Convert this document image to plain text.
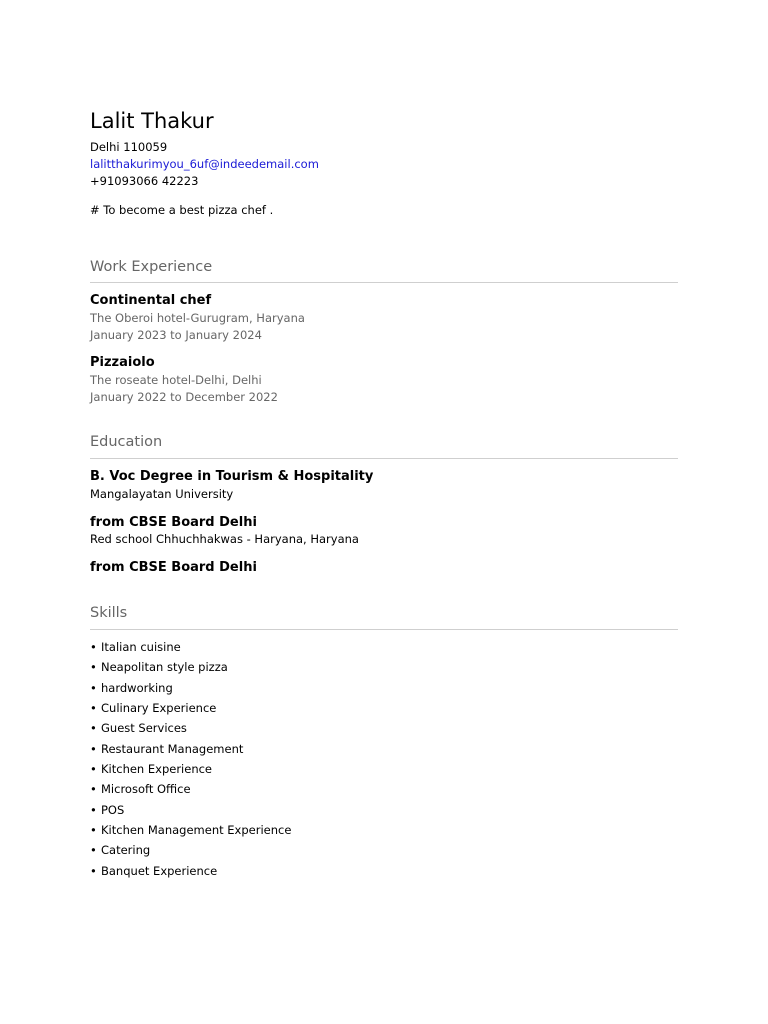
Lalit Thakur
Delhi 110059
lalitthakurimyou_6uf@indeedemail.com
+91093066 42223
# To become a best pizza chef .
Work Experience
Continental chef
The Oberoi hotel-Gurugram, Haryana
January 2023 to January 2024
Pizzaiolo
The roseate hotel-Delhi, Delhi
January 2022 to December 2022
Education
B. Voc Degree in Tourism & Hospitality
Mangalayatan University
from CBSE Board Delhi
Red school Chhuchhakwas - Haryana, Haryana
from CBSE Board Delhi
Skills
• Italian cuisine
• Neapolitan style pizza
• hardworking
• Culinary Experience
• Guest Services
• Restaurant Management
• Kitchen Experience
• Microsoft Office
• POS
• Kitchen Management Experience
• Catering
• Banquet Experience
